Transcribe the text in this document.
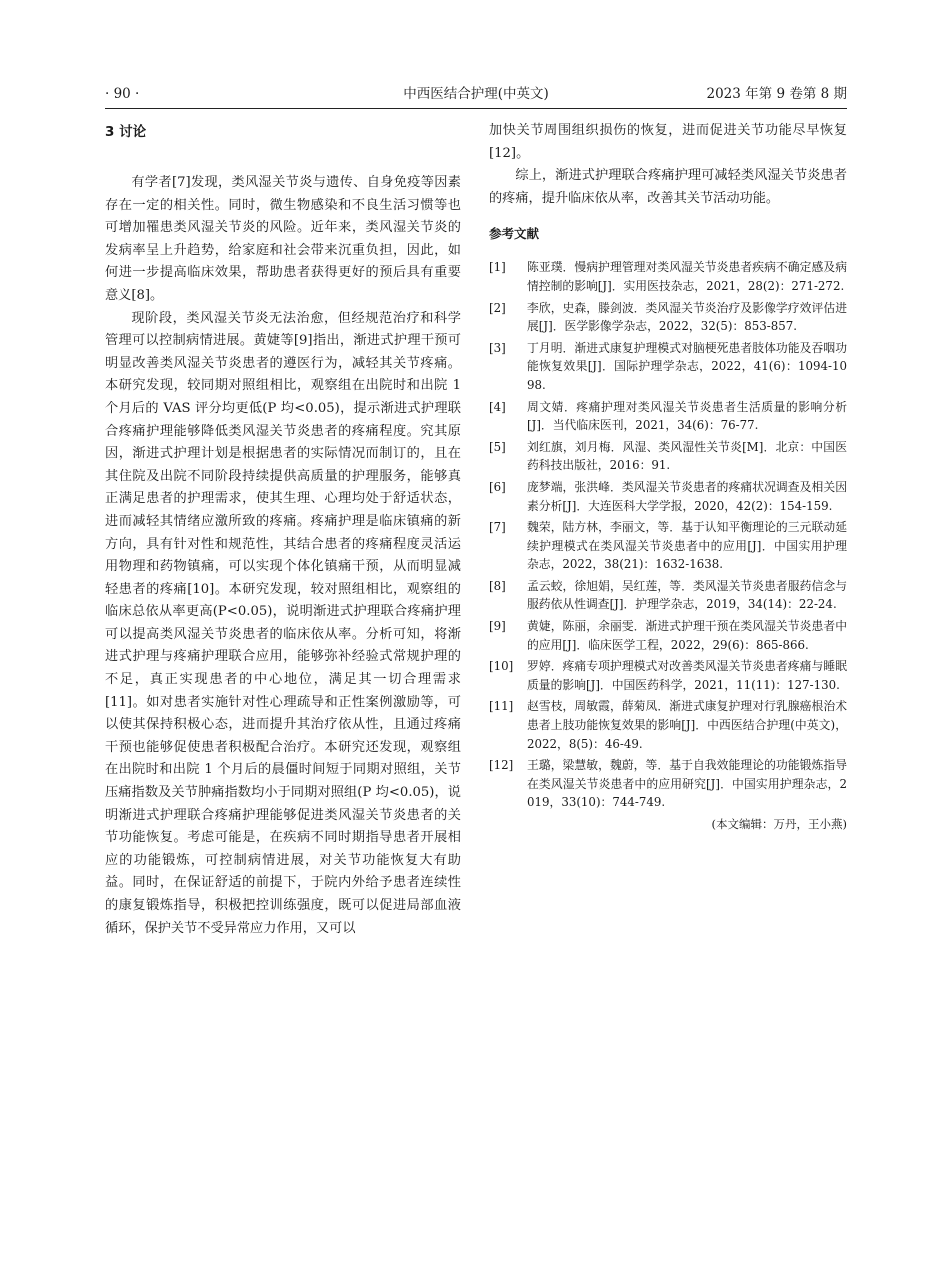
· 90 ·	中西医结合护理(中英文)	2023 年第 9 卷第 8 期
3 讨论

有学者[7]发现，类风湿关节炎与遗传、自身免疫等因素存在一定的相关性。同时，微生物感染和不良生活习惯等也可增加罹患类风湿关节炎的风险。近年来，类风湿关节炎的发病率呈上升趋势，给家庭和社会带来沉重负担，因此，如何进一步提高临床效果，帮助患者获得更好的预后具有重要意义[8]。

现阶段，类风湿关节炎无法治愈，但经规范治疗和科学管理可以控制病情进展。黄婕等[9]指出，渐进式护理干预可明显改善类风湿关节炎患者的遵医行为，减轻其关节疼痛。本研究发现，较同期对照组相比，观察组在出院时和出院 1 个月后的 VAS 评分均更低(P 均<0.05)，提示渐进式护理联合疼痛护理能够降低类风湿关节炎患者的疼痛程度。究其原因，渐进式护理计划是根据患者的实际情况而制订的，且在其住院及出院不同阶段持续提供高质量的护理服务，能够真正满足患者的护理需求，使其生理、心理均处于舒适状态，进而减轻其情绪应激所致的疼痛。疼痛护理是临床镇痛的新方向，具有针对性和规范性，其结合患者的疼痛程度灵活运用物理和药物镇痛，可以实现个体化镇痛干预，从而明显减轻患者的疼痛[10]。本研究发现，较对照组相比，观察组的临床总依从率更高(P<0.05)，说明渐进式护理联合疼痛护理可以提高类风湿关节炎患者的临床依从率。分析可知，将渐进式护理与疼痛护理联合应用，能够弥补经验式常规护理的不足，真正实现患者的中心地位，满足其一切合理需求[11]。如对患者实施针对性心理疏导和正性案例激励等，可以使其保持积极心态，进而提升其治疗依从性，且通过疼痛干预也能够促使患者积极配合治疗。本研究还发现，观察组在出院时和出院 1 个月后的晨僵时间短于同期对照组，关节压痛指数及关节肿痛指数均小于同期对照组(P 均<0.05)，说明渐进式护理联合疼痛护理能够促进类风湿关节炎患者的关节功能恢复。考虑可能是，在疾病不同时期指导患者开展相应的功能锻炼，可控制病情进展，对关节功能恢复大有助益。同时，在保证舒适的前提下，于院内外给予患者连续性的康复锻炼指导，积极把控训练强度，既可以促进局部血液循环，保护关节不受异常应力作用，又可以

加快关节周围组织损伤的恢复，进而促进关节功能尽早恢复[12]。

综上，渐进式护理联合疼痛护理可减轻类风湿关节炎患者的疼痛，提升临床依从率，改善其关节活动功能。

参考文献
[1]	陈亚璞．慢病护理管理对类风湿关节炎患者疾病不确定感及病情控制的影响[J]．实用医技杂志，2021，28(2)：271-272.
[2]	李欣，史森，滕剑波．类风湿关节炎治疗及影像学疗效评估进展[J]．医学影像学杂志，2022，32(5)：853-857.
[3]	丁月明．渐进式康复护理模式对脑梗死患者肢体功能及吞咽功能恢复效果[J]．国际护理学杂志，2022，41(6)：1094-1098.
[4]	周文婧．疼痛护理对类风湿关节炎患者生活质量的影响分析[J]．当代临床医刊，2021，34(6)：76-77.
[5]	刘红旗，刘月梅．风湿、类风湿性关节炎[M]．北京：中国医药科技出版社，2016：91.
[6]	庞梦端，张洪峰．类风湿关节炎患者的疼痛状况调查及相关因素分析[J]．大连医科大学学报，2020，42(2)：154-159.
[7]	魏荣，陆方林，李丽文，等．基于认知平衡理论的三元联动延续护理模式在类风湿关节炎患者中的应用[J]．中国实用护理杂志，2022，38(21)：1632-1638.
[8]	孟云蛟，徐旭娟，吴红莲，等．类风湿关节炎患者服药信念与服药依从性调查[J]．护理学杂志，2019，34(14)：22-24.
[9]	黄婕，陈丽，余丽雯．渐进式护理干预在类风湿关节炎患者中的应用[J]．临床医学工程，2022，29(6)：865-866.
[10]	罗婷．疼痛专项护理模式对改善类风湿关节炎患者疼痛与睡眠质量的影响[J]．中国医药科学，2021，11(11)：127-130.
[11]	赵雪枝，周敏霞，薛菊凤．渐进式康复护理对行乳腺癌根治术患者上肢功能恢复效果的影响[J]．中西医结合护理(中英文)，2022，8(5)：46-49.
[12]	王璐，梁慧敏，魏蔚，等．基于自我效能理论的功能锻炼指导在类风湿关节炎患者中的应用研究[J]．中国实用护理杂志，2019，33(10)：744-749.
(本文编辑：万丹，王小燕)
